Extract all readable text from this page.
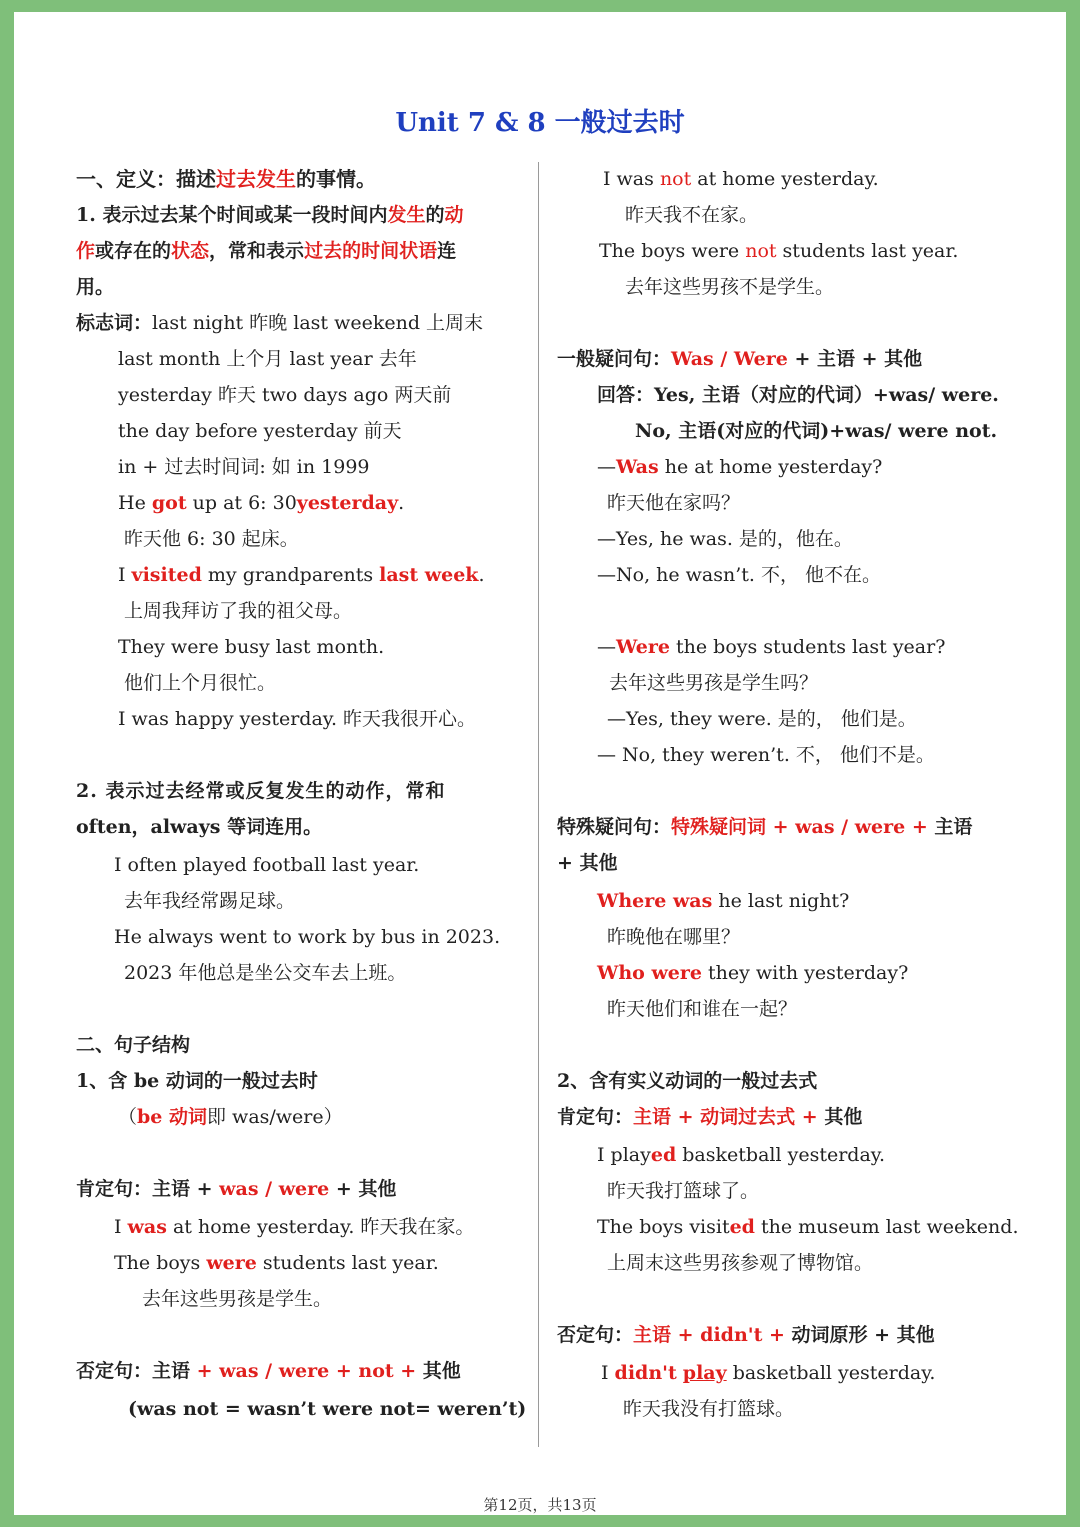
Unit 7 & 8 一般过去时
一、定义：描述过去发生的事情。
1. 表示过去某个时间或某一段时间内发生的动
作或存在的状态，常和表示过去的时间状语连
用。
标志词：last night 昨晚 last weekend 上周末
last month 上个月 last year 去年
yesterday 昨天 two days ago 两天前
the day before yesterday 前天
in + 过去时间词: 如 in 1999
He got up at 6: 30yesterday.
昨天他 6: 30 起床。
I visited my grandparents last week.
上周我拜访了我的祖父母。
They were busy last month.
他们上个月很忙。
I was happy yesterday. 昨天我很开心。
2. 表示过去经常或反复发生的动作，常和
often，always 等词连用。
I often played football last year.
去年我经常踢足球。
He always went to work by bus in 2023.
2023 年他总是坐公交车去上班。
二、句子结构
1、含 be 动词的一般过去时
（be 动词即 was/were）
肯定句：主语 + was / were + 其他
I was at home yesterday. 昨天我在家。
The boys were students last year.
去年这些男孩是学生。
否定句：主语 + was / were + not + 其他
(was not = wasn’t were not= weren’t)
I was not at home yesterday.
昨天我不在家。
The boys were not students last year.
去年这些男孩不是学生。
一般疑问句：Was / Were + 主语 + 其他
回答：Yes, 主语（对应的代词）+was/ were.
No, 主语(对应的代词)+was/ were not.
—Was he at home yesterday?
昨天他在家吗？
—Yes, he was. 是的，他在。
—No, he wasn’t. 不， 他不在。
—Were the boys students last year?
去年这些男孩是学生吗？
—Yes, they were. 是的， 他们是。
— No, they weren’t. 不， 他们不是。
特殊疑问句：特殊疑问词 + was / were + 主语
+ 其他
Where was he last night?
昨晚他在哪里？
Who were they with yesterday?
昨天他们和谁在一起？
2、含有实义动词的一般过去式
肯定句：主语 + 动词过去式 + 其他
I played basketball yesterday.
昨天我打篮球了。
The boys visited the museum last weekend.
上周末这些男孩参观了博物馆。
否定句：主语 + didn't + 动词原形 + 其他
I didn't play basketball yesterday.
昨天我没有打篮球。
第12页，共13页
